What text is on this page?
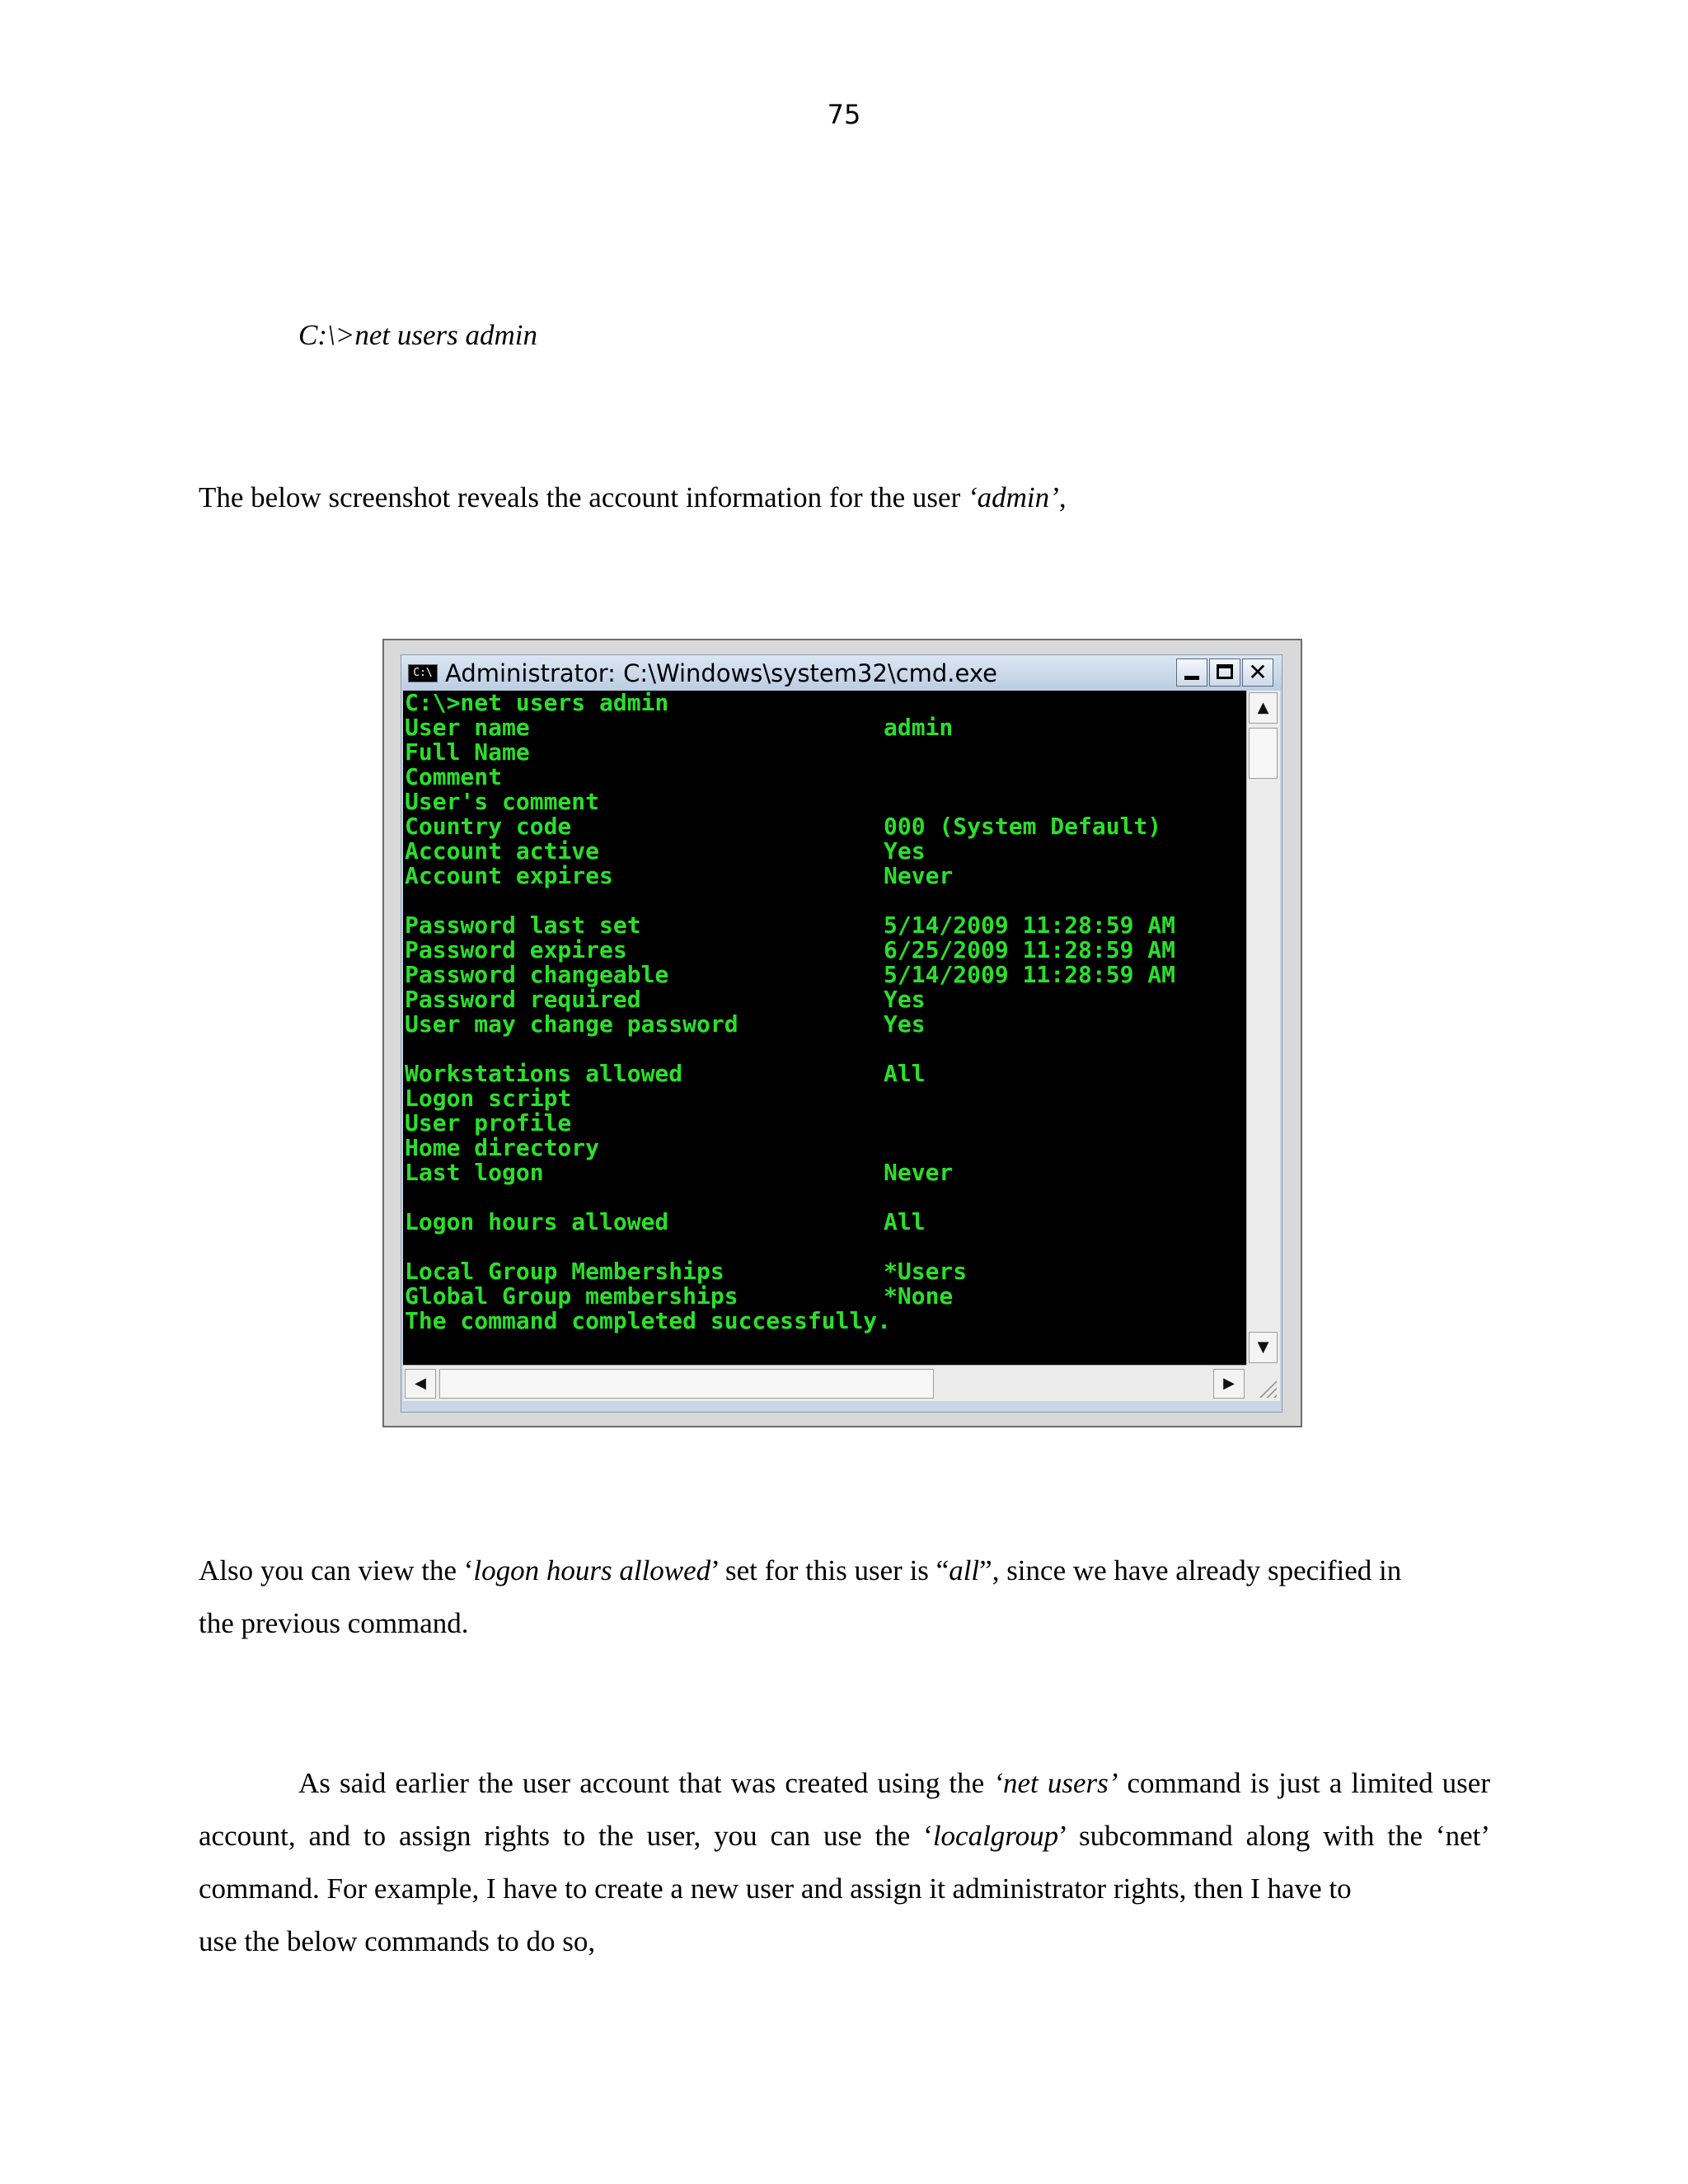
75
C:\>net users admin
The below screenshot reveals the account information for the user ‘admin’,
C:\ Administrator: C:\Windows\system32\cmd.exe	✕
C:\>net users admin
User name	admin
Full Name
Comment
User's comment
Country code	000 (System Default)
Account active	Yes
Account expires	Never
Password last set	5/14/2009 11:28:59 AM
Password expires	6/25/2009 11:28:59 AM
Password changeable	5/14/2009 11:28:59 AM
Password required	Yes
User may change password	Yes
Workstations allowed	All
Logon script
User profile
Home directory
Last logon	Never
Logon hours allowed	All
Local Group Memberships	*Users
Global Group memberships	*None
The command completed successfully.
▲
▼
◀	▶
Also you can view the ‘logon hours allowed’ set for this user is “all”, since we have already specified in
the previous command.
As said earlier the user account that was created using the ‘net users’ command is just a limited user account, and to assign rights to the user, you can use the ‘localgroup’ subcommand along with the ‘net’ command. For example, I have to create a new user and assign it administrator rights, then I have to
use the below commands to do so,
